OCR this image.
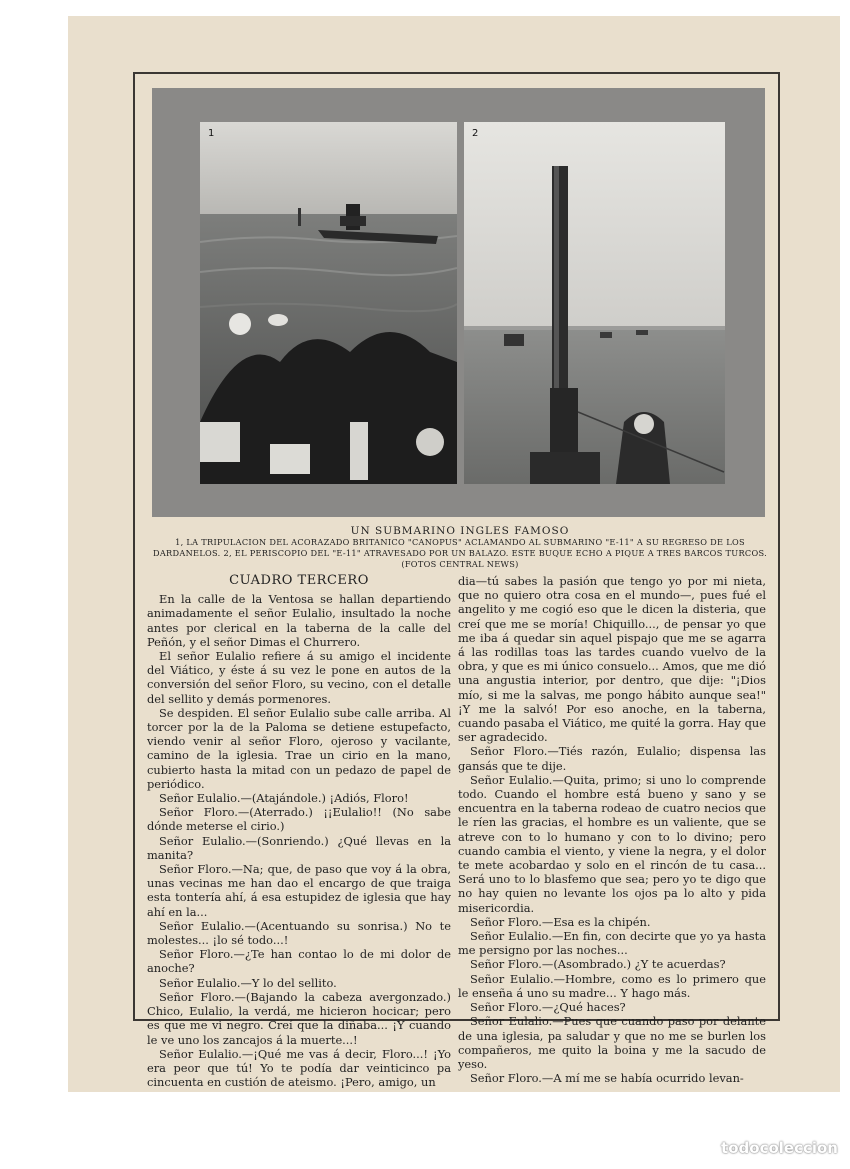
1	2
UN SUBMARINO INGLES FAMOSO
1, LA TRIPULACION DEL ACORAZADO BRITANICO "CANOPUS" ACLAMANDO AL SUBMARINO "E-11" A SU REGRESO DE LOS DARDANELOS. 2, EL PERISCOPIO DEL "E-11" ATRAVESADO POR UN BALAZO. ESTE BUQUE ECHO A PIQUE A TRES BARCOS TURCOS. (FOTOS CENTRAL NEWS)
CUADRO TERCERO

En la calle de la Ventosa se hallan departiendo animadamente el señor Eulalio, insultado la noche antes por clerical en la taberna de la calle del Peñón, y el señor Dimas el Churrero.

El señor Eulalio refiere á su amigo el incidente del Viático, y éste á su vez le pone en autos de la conversión del señor Floro, su vecino, con el detalle del sellito y demás pormenores.

Se despiden. El señor Eulalio sube calle arriba. Al torcer por la de la Paloma se detiene estupefacto, viendo venir al señor Floro, ojeroso y vacilante, camino de la iglesia. Trae un cirio en la mano, cubierto hasta la mitad con un pedazo de papel de periódico.

Señor Eulalio.—(Atajándole.) ¡Adiós, Floro!

Señor Floro.—(Aterrado.) ¡¡Eulalio!! (No sabe dónde meterse el cirio.)

Señor Eulalio.—(Sonriendo.) ¿Qué llevas en la manita?

Señor Floro.—Na; que, de paso que voy á la obra, unas vecinas me han dao el encargo de que traiga esta tontería ahí, á esa estupidez de iglesia que hay ahí en la...

Señor Eulalio.—(Acentuando su sonrisa.) No te molestes... ¡lo sé todo...!

Señor Floro.—¿Te han contao lo de mi dolor de anoche?

Señor Eulalio.—Y lo del sellito.

Señor Floro.—(Bajando la cabeza avergonzado.) Chico, Eulalio, la verdá, me hicieron hocicar; pero es que me vi negro. Creí que la diñaba... ¡Y cuando le ve uno los zancajos á la muerte...!

Señor Eulalio.—¡Qué me vas á decir, Floro...! ¡Yo era peor que tú! Yo te podía dar veinticinco pa cincuenta en custión de ateismo. ¡Pero, amigo, un

dia—tú sabes la pasión que tengo yo por mi nieta, que no quiero otra cosa en el mundo—, pues fué el angelito y me cogió eso que le dicen la disteria, que creí que me se moría! Chiquillo..., de pensar yo que me iba á quedar sin aquel pispajo que me se agarra á las rodillas toas las tardes cuando vuelvo de la obra, y que es mi único consuelo... Amos, que me dió una angustia interior, por dentro, que dije: "¡Dios mío, si me la salvas, me pongo hábito aunque sea!" ¡Y me la salvó! Por eso anoche, en la taberna, cuando pasaba el Viático, me quité la gorra. Hay que ser agradecido.

Señor Floro.—Tiés razón, Eulalio; dispensa las gansás que te dije.

Señor Eulalio.—Quita, primo; si uno lo comprende todo. Cuando el hombre está bueno y sano y se encuentra en la taberna rodeao de cuatro necios que le ríen las gracias, el hombre es un valiente, que se atreve con to lo humano y con to lo divino; pero cuando cambia el viento, y viene la negra, y el dolor te mete acobardao y solo en el rincón de tu casa... Será uno to lo blasfemo que sea; pero yo te digo que no hay quien no levante los ojos pa lo alto y pida misericordia.

Señor Floro.—Esa es la chipén.

Señor Eulalio.—En fin, con decirte que yo ya hasta me persigno por las noches...

Señor Floro.—(Asombrado.) ¿Y te acuerdas?

Señor Eulalio.—Hombre, como es lo primero que le enseña á uno su madre... Y hago más.

Señor Floro.—¿Qué haces?

Señor Eulalio.—Pues que cuando paso por delante de una iglesia, pa saludar y que no me se burlen los compañeros, me quito la boina y me la sacudo de yeso.

Señor Floro.—A mí me se había ocurrido levan-

todocoleccion
